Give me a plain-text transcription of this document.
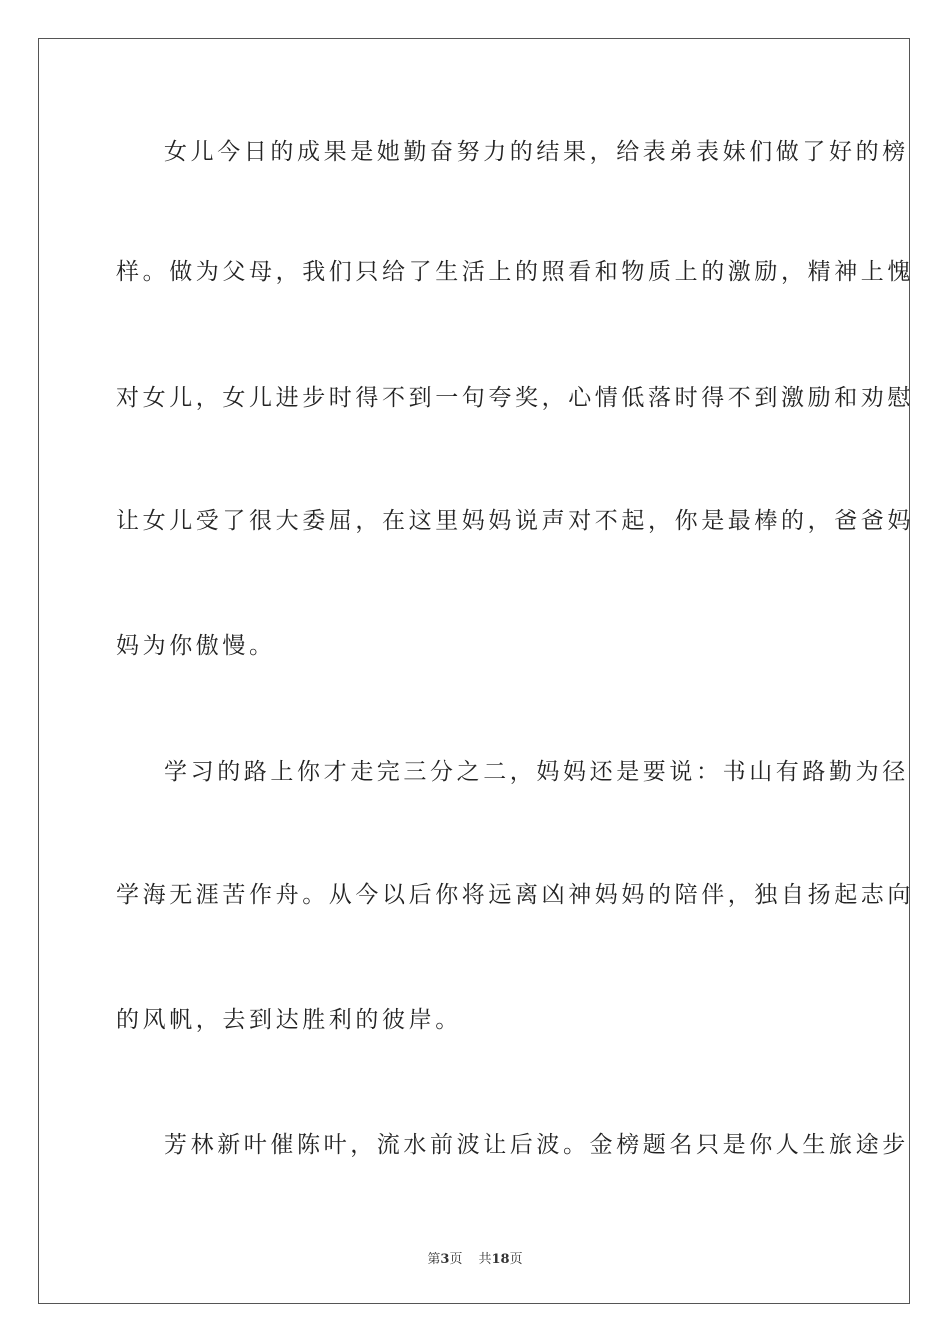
女儿今日的成果是她勤奋努力的结果，给表弟表妹们做了好的榜
样。做为父母，我们只给了生活上的照看和物质上的激励，精神上愧
对女儿，女儿进步时得不到一句夸奖，心情低落时得不到激励和劝慰
让女儿受了很大委屈，在这里妈妈说声对不起，你是最棒的，爸爸妈
妈为你傲慢。
学习的路上你才走完三分之二，妈妈还是要说：书山有路勤为径
学海无涯苦作舟。从今以后你将远离凶神妈妈的陪伴，独自扬起志向
的风帆，去到达胜利的彼岸。
芳林新叶催陈叶，流水前波让后波。金榜题名只是你人生旅途步
第3页 共18页
